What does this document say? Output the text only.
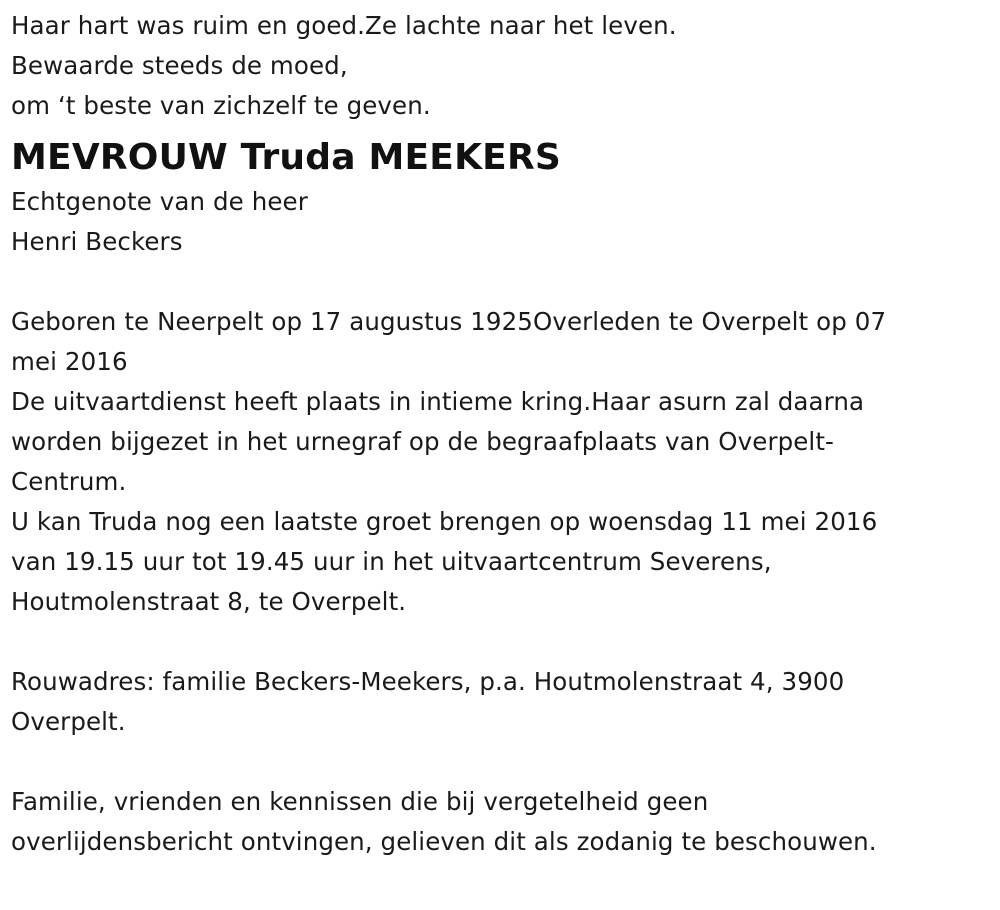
Haar hart was ruim en goed.Ze lachte naar het leven.
Bewaarde steeds de moed,
om ‘t beste van zichzelf te geven.
MEVROUW Truda MEEKERS
Echtgenote van de heer
Henri Beckers
Geboren te Neerpelt op 17 augustus 1925Overleden te Overpelt op 07
mei 2016
De uitvaartdienst heeft plaats in intieme kring.Haar asurn zal daarna
worden bijgezet in het urnegraf op de begraafplaats van Overpelt-
Centrum.
U kan Truda nog een laatste groet brengen op woensdag 11 mei 2016
van 19.15 uur tot 19.45 uur in het uitvaartcentrum Severens,
Houtmolenstraat 8, te Overpelt.
Rouwadres: familie Beckers-Meekers, p.a. Houtmolenstraat 4, 3900
Overpelt.
Familie, vrienden en kennissen die bij vergetelheid geen
overlijdensbericht ontvingen, gelieven dit als zodanig te beschouwen.
